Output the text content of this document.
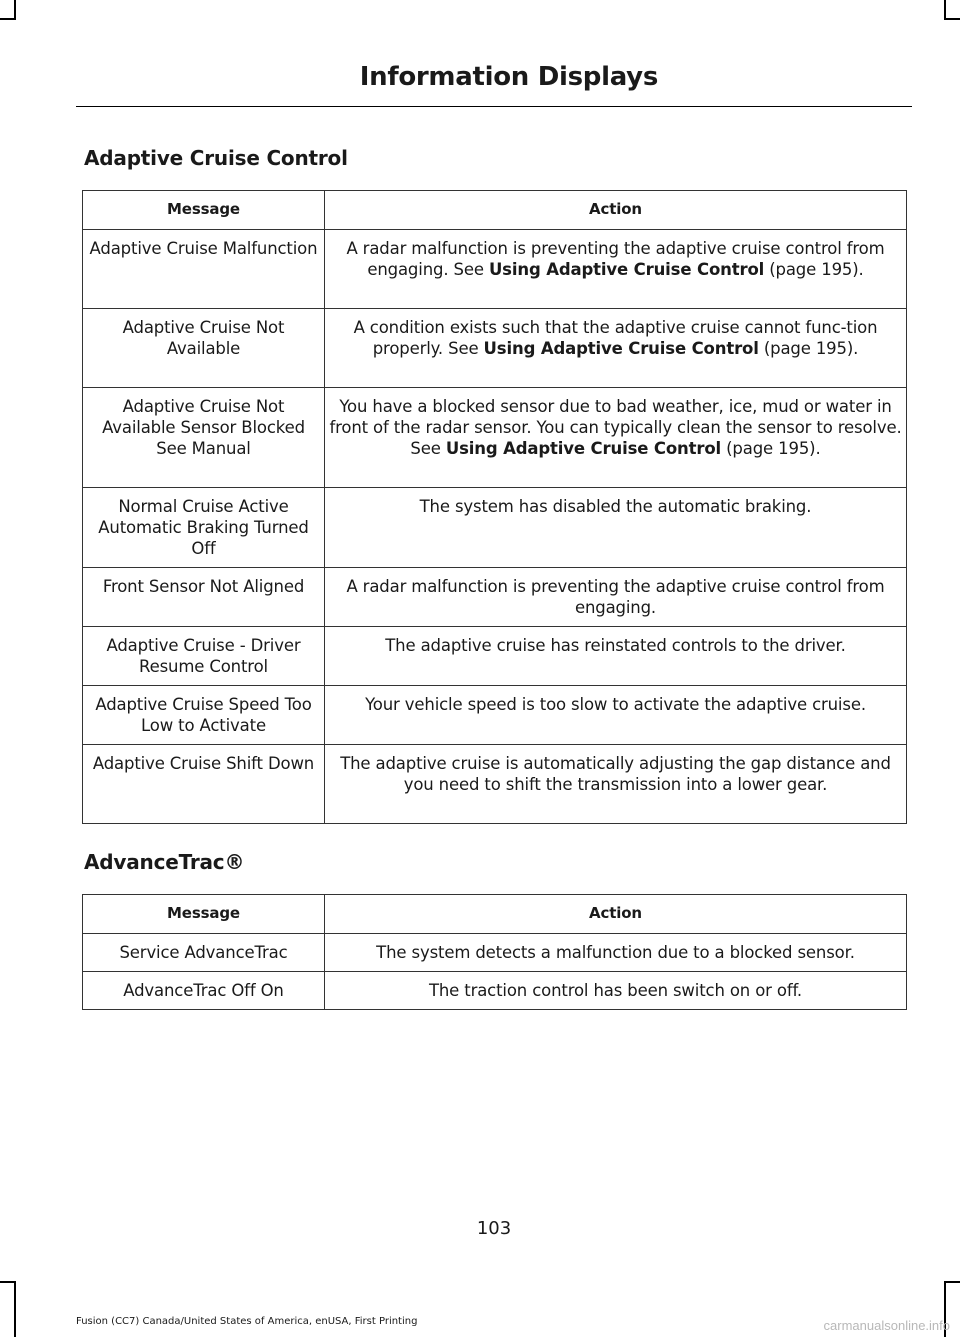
Information Displays
Adaptive Cruise Control
Message	Action
Adaptive Cruise Malfunction	A radar malfunction is preventing the adaptive cruise control from engaging. See Using Adaptive Cruise Control (page 195).
Adaptive Cruise Not Available	A condition exists such that the adaptive cruise cannot func-tion properly. See Using Adaptive Cruise Control (page 195).
Adaptive Cruise Not Available Sensor Blocked See Manual	You have a blocked sensor due to bad weather, ice, mud or water in front of the radar sensor. You can typically clean the sensor to resolve. See Using Adaptive Cruise Control (page 195).
Normal Cruise Active Automatic Braking Turned Off	The system has disabled the automatic braking.
Front Sensor Not Aligned	A radar malfunction is preventing the adaptive cruise control from engaging.
Adaptive Cruise - Driver Resume Control	The adaptive cruise has reinstated controls to the driver.
Adaptive Cruise Speed Too Low to Activate	Your vehicle speed is too slow to activate the adaptive cruise.
Adaptive Cruise Shift Down	The adaptive cruise is automatically adjusting the gap distance and you need to shift the transmission into a lower gear.
AdvanceTrac®
Message	Action
Service AdvanceTrac	The system detects a malfunction due to a blocked sensor.
AdvanceTrac Off On	The traction control has been switch on or off.
103
Fusion (CC7) Canada/United States of America, enUSA, First Printing	carmanualsonline.info
